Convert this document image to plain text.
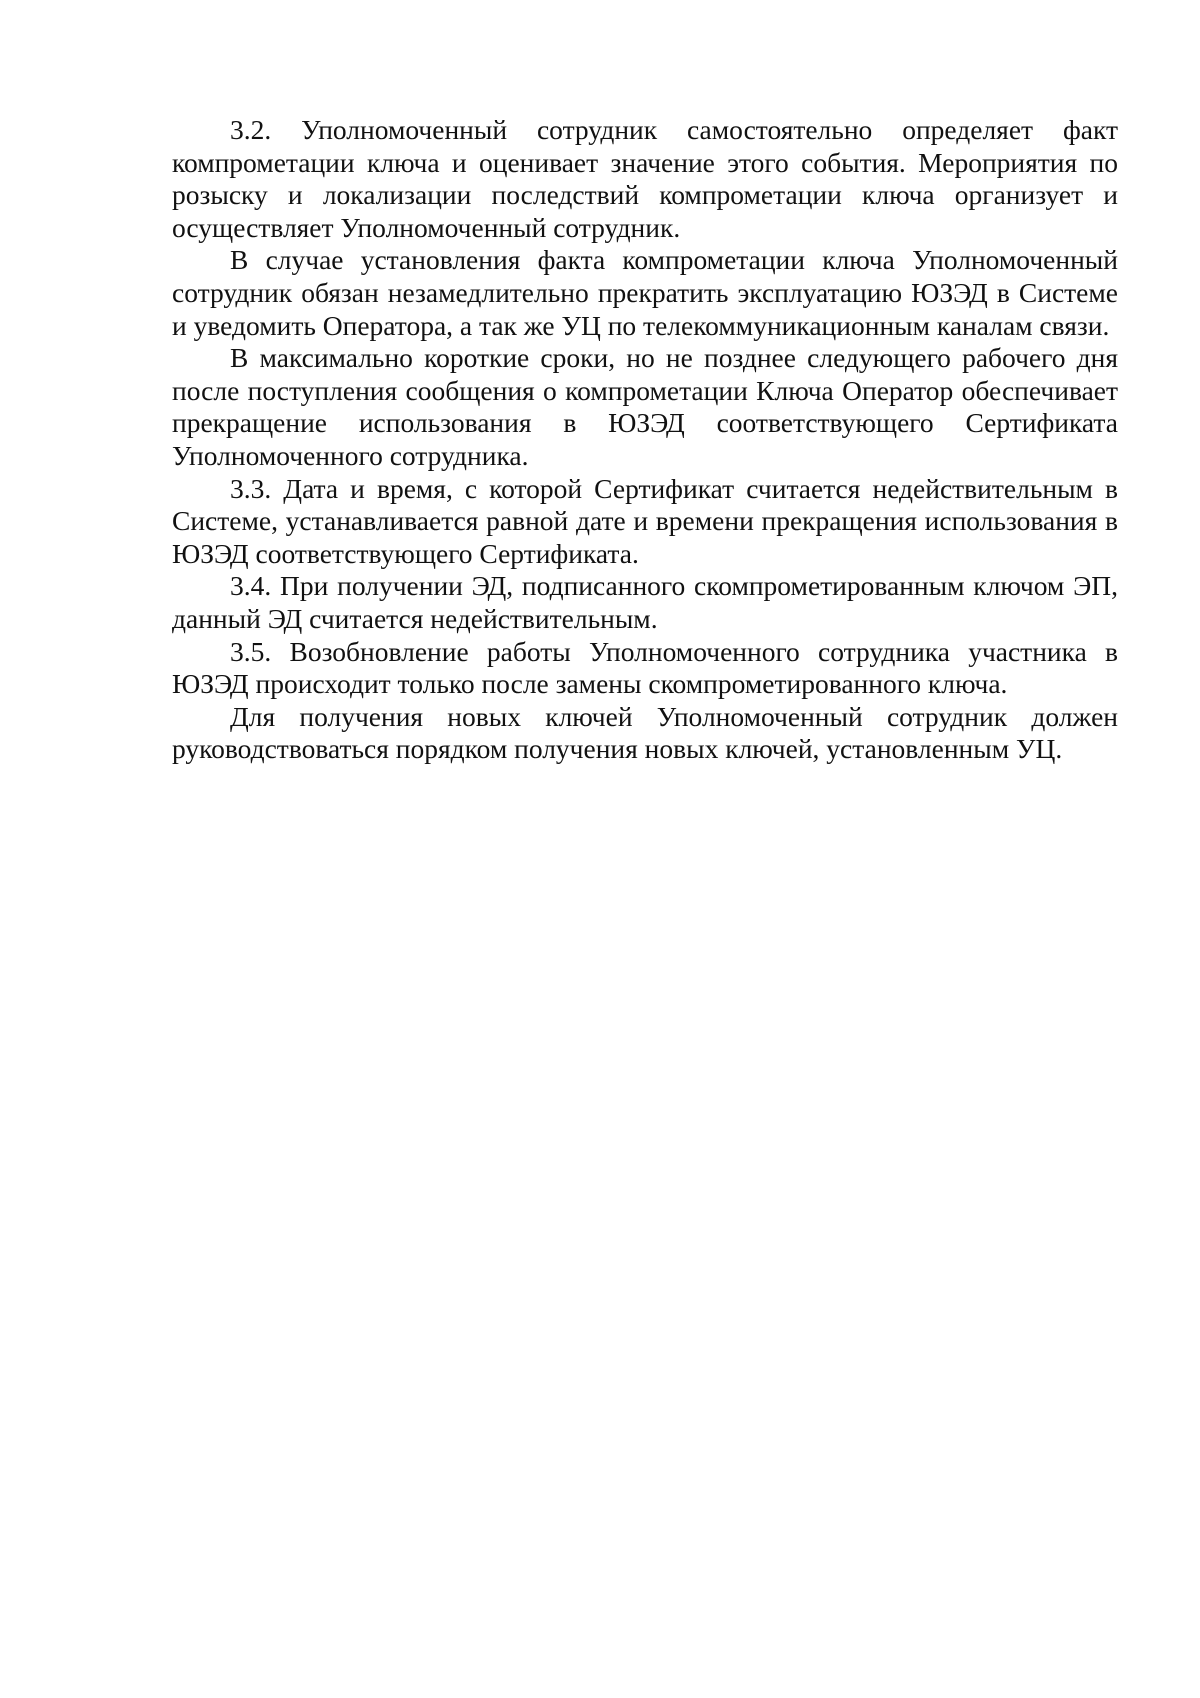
3.2. Уполномоченный сотрудник самостоятельно определяет факт компрометации ключа и оценивает значение этого события. Мероприятия по розыску и локализации последствий компрометации ключа организует и осуществляет Уполномоченный сотрудник.

В случае установления факта компрометации ключа Уполномоченный сотрудник обязан незамедлительно прекратить эксплуатацию ЮЗЭД в Системе и уведомить Оператора, а так же УЦ по телекоммуникационным каналам связи.

В максимально короткие сроки, но не позднее следующего рабочего дня после поступления сообщения о компрометации Ключа Оператор обеспечивает прекращение использования в ЮЗЭД соответствующего Сертификата Уполномоченного сотрудника.

3.3. Дата и время, с которой Сертификат считается недействительным в Системе, устанавливается равной дате и времени прекращения использования в ЮЗЭД соответствующего Сертификата.

3.4. При получении ЭД, подписанного скомпрометированным ключом ЭП, данный ЭД считается недействительным.

3.5. Возобновление работы Уполномоченного сотрудника участника в ЮЗЭД происходит только после замены скомпрометированного ключа.

Для получения новых ключей Уполномоченный сотрудник должен руководствоваться порядком получения новых ключей, установленным УЦ.
